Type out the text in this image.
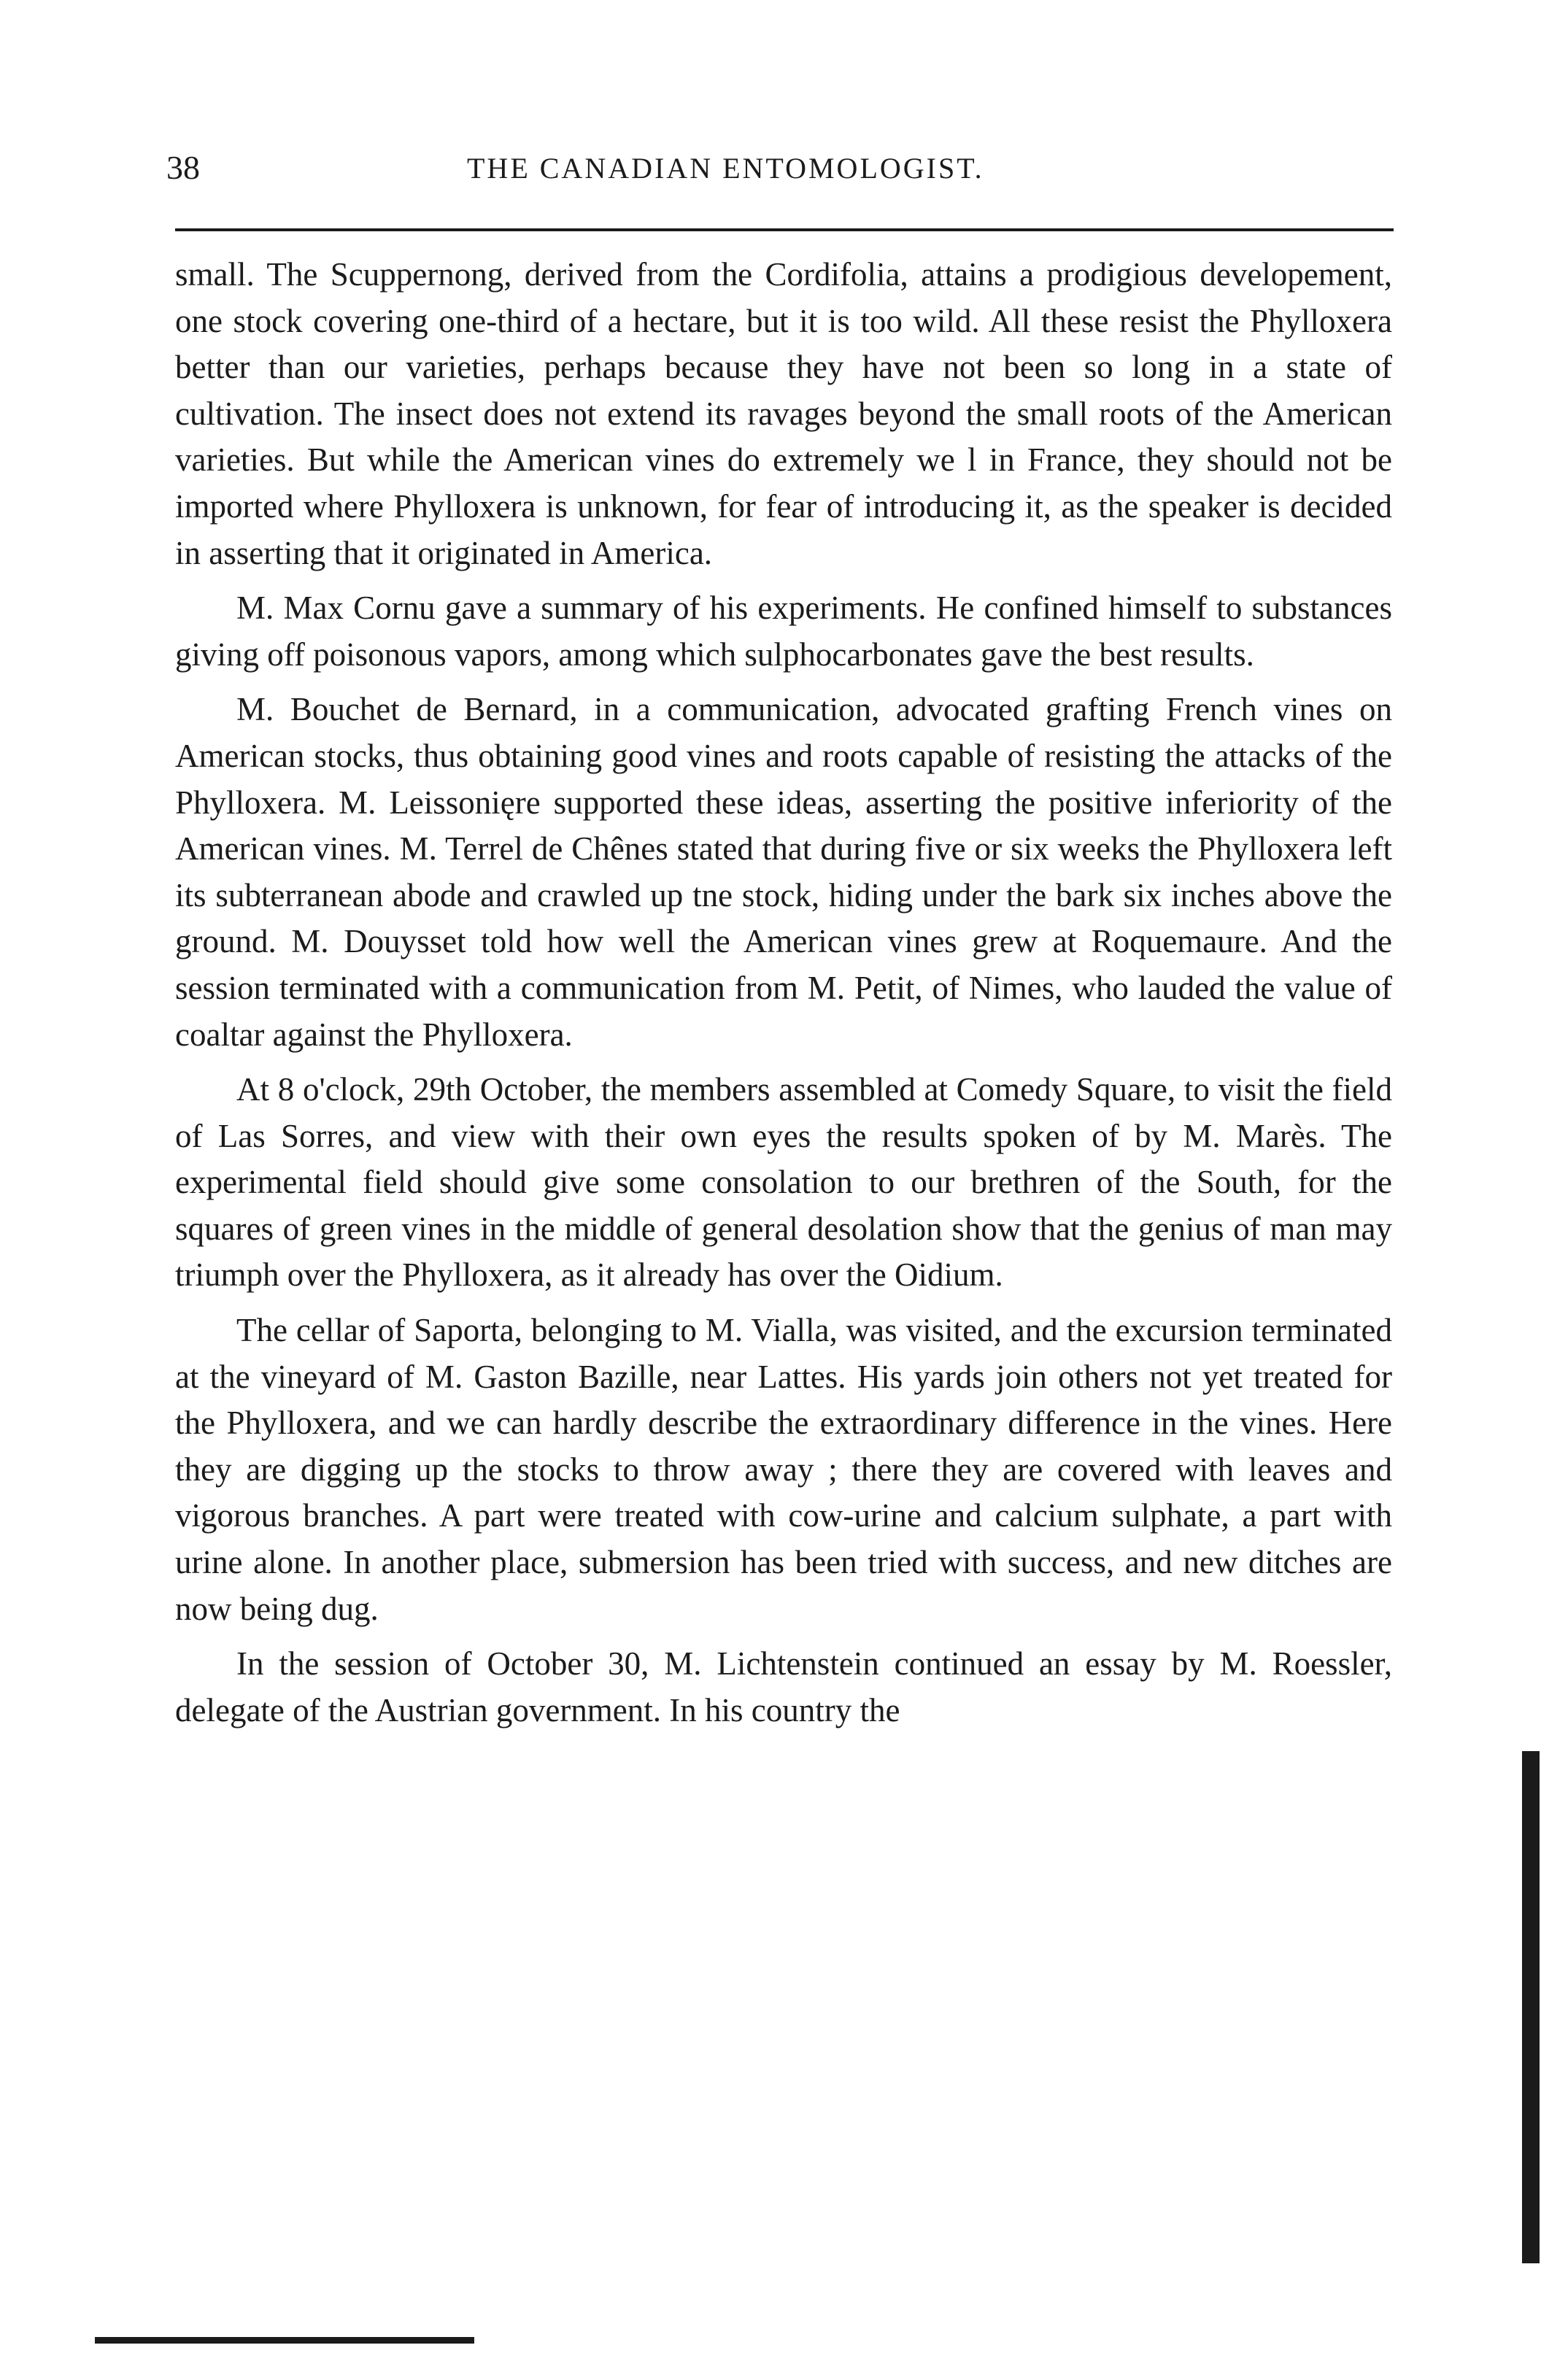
38	THE CANADIAN ENTOMOLOGIST.

small. The Scuppernong, derived from the Cordifolia, attains a prodigious developement, one stock covering one-third of a hectare, but it is too wild. All these resist the Phylloxera better than our varieties, perhaps because they have not been so long in a state of cultivation. The insect does not extend its ravages beyond the small roots of the American varieties. But while the American vines do extremely we l in France, they should not be imported where Phylloxera is unknown, for fear of introducing it, as the speaker is decided in asserting that it originated in America.

M. Max Cornu gave a summary of his experiments. He confined himself to substances giving off poisonous vapors, among which sulphocarbonates gave the best results.

M. Bouchet de Bernard, in a communication, advocated grafting French vines on American stocks, thus obtaining good vines and roots capable of resisting the attacks of the Phylloxera. M. Leissonięre supported these ideas, asserting the positive inferiority of the American vines. M. Terrel de Chênes stated that during five or six weeks the Phylloxera left its subterranean abode and crawled up tne stock, hiding under the bark six inches above the ground. M. Douysset told how well the American vines grew at Roquemaure. And the session terminated with a communication from M. Petit, of Nimes, who lauded the value of coaltar against the Phylloxera.

At 8 o'clock, 29th October, the members assembled at Comedy Square, to visit the field of Las Sorres, and view with their own eyes the results spoken of by M. Marès. The experimental field should give some consolation to our brethren of the South, for the squares of green vines in the middle of general desolation show that the genius of man may triumph over the Phylloxera, as it already has over the Oidium.

The cellar of Saporta, belonging to M. Vialla, was visited, and the excursion terminated at the vineyard of M. Gaston Bazille, near Lattes. His yards join others not yet treated for the Phylloxera, and we can hardly describe the extraordinary difference in the vines. Here they are digging up the stocks to throw away ; there they are covered with leaves and vigorous branches. A part were treated with cow-urine and calcium sulphate, a part with urine alone. In another place, submersion has been tried with success, and new ditches are now being dug.

In the session of October 30, M. Lichtenstein continued an essay by M. Roessler, delegate of the Austrian government. In his country the
